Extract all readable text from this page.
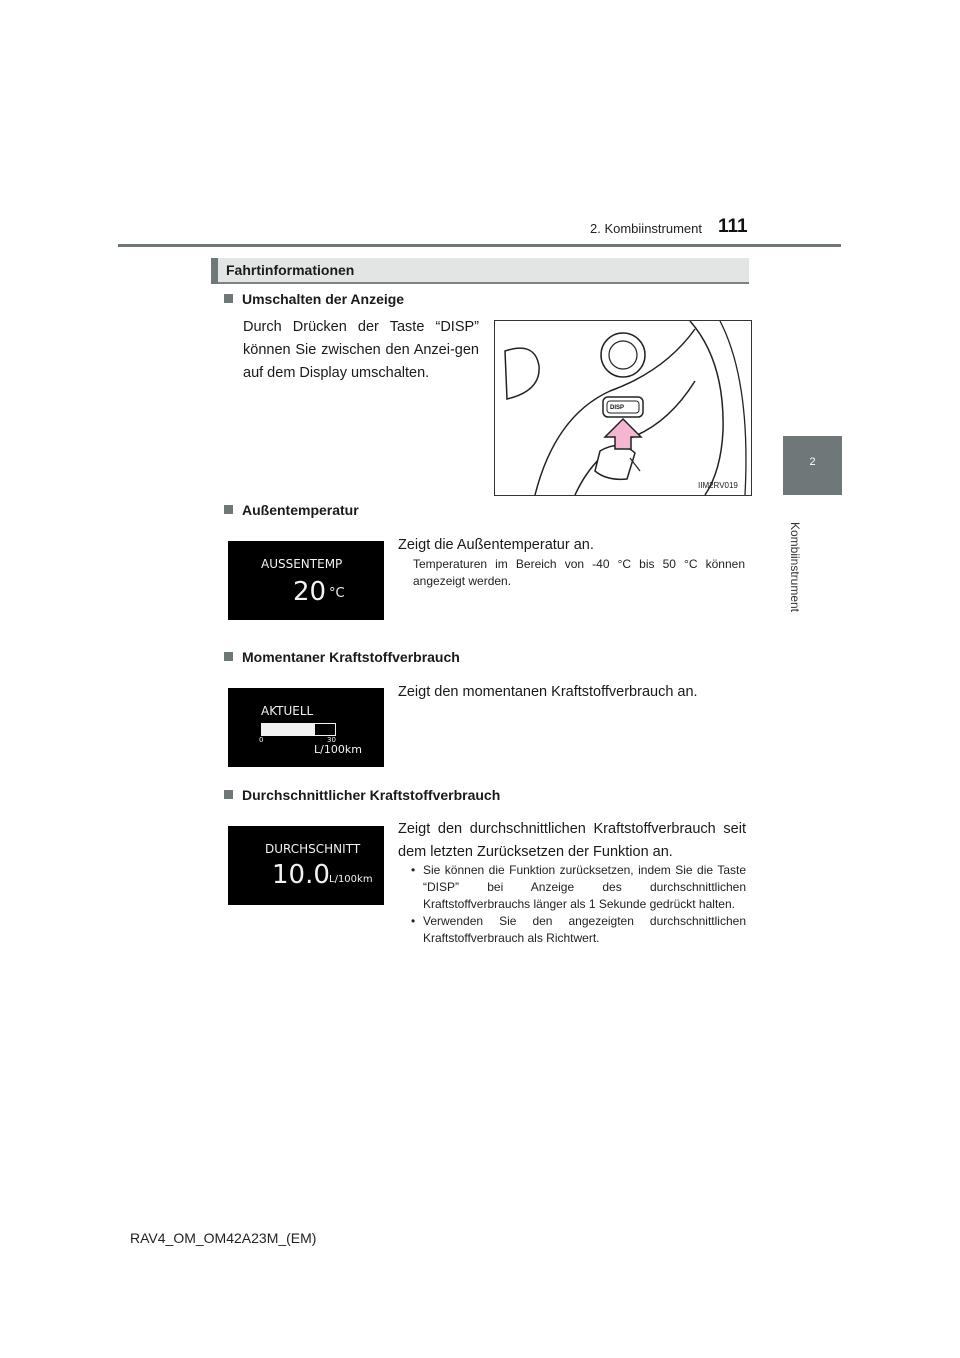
2. Kombiinstrument 111
2
Kombiinstrument
Fahrtinformationen
Umschalten der Anzeige
Durch Drücken der Taste “DISP” können Sie zwischen den Anzei-gen auf dem Display umschalten.
DISP
IIM2RV019
Außentemperatur
AUSSENTEMP
20 °C
Zeigt die Außentemperatur an.
Temperaturen im Bereich von -40 °C bis 50 °C können angezeigt werden.
Momentaner Kraftstoffverbrauch
AKTUELL
0	30
L/100km
Zeigt den momentanen Kraftstoffverbrauch an.
Durchschnittlicher Kraftstoffverbrauch
DURCHSCHNITT
10.0 L/100km
Zeigt den durchschnittlichen Kraftstoffverbrauch seit dem letzten Zurücksetzen der Funktion an.
• Sie können die Funktion zurücksetzen, indem Sie die Taste “DISP” bei Anzeige des durchschnittlichen Kraftstoffverbrauchs länger als 1 Sekunde gedrückt halten.
• Verwenden Sie den angezeigten durchschnittlichen Kraftstoffverbrauch als Richtwert.
RAV4_OM_OM42A23M_(EM)
